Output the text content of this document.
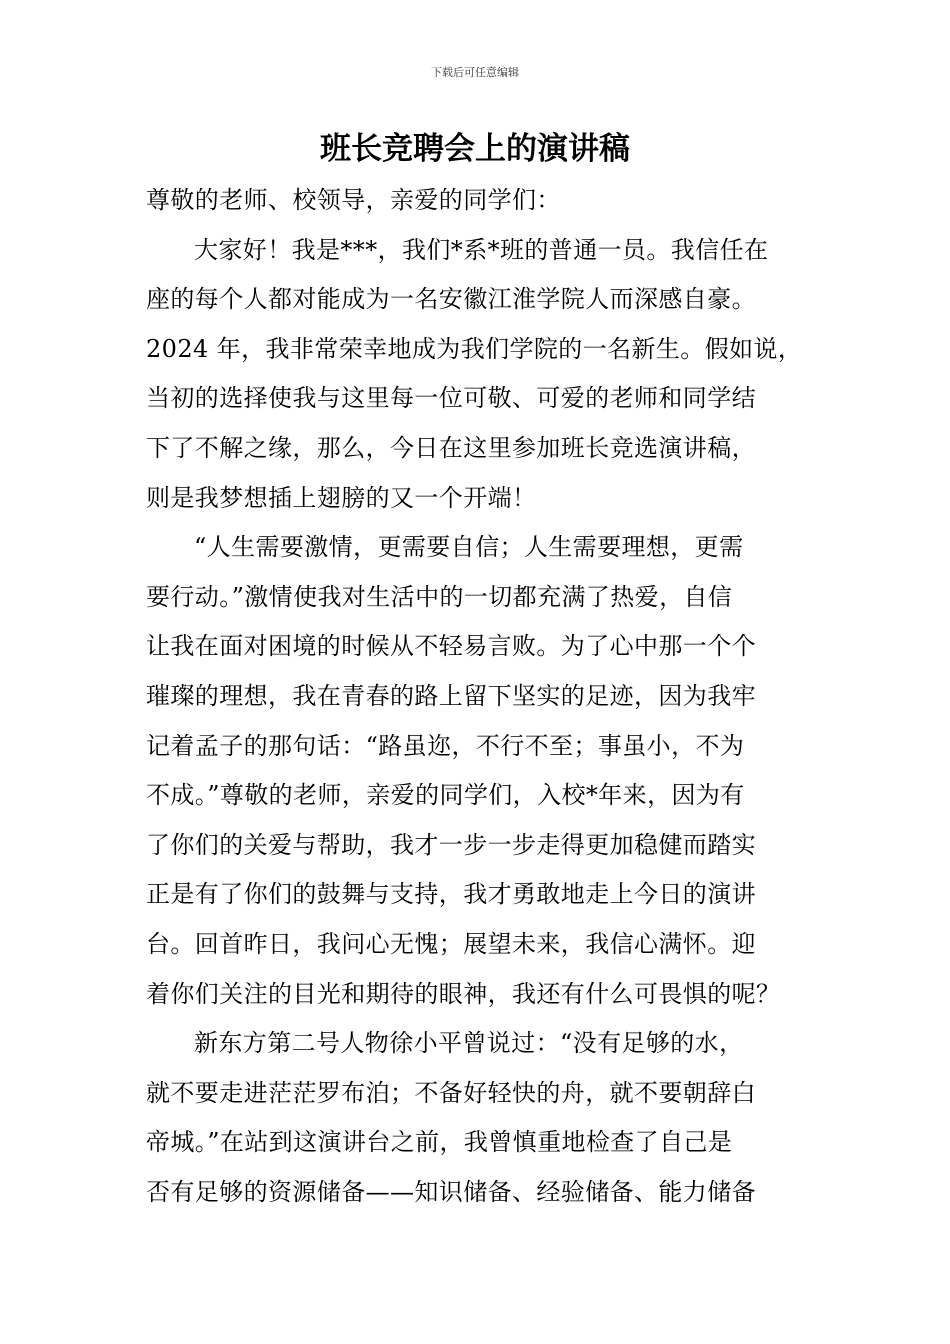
下载后可任意编辑
班长竞聘会上的演讲稿
尊敬的老师、校领导，亲爱的同学们：
大家好！我是***，我们*系*班的普通一员。我信任在
座的每个人都对能成为一名安徽江淮学院人而深感自豪。
2024 年，我非常荣幸地成为我们学院的一名新生。假如说，
当初的选择使我与这里每一位可敬、可爱的老师和同学结
下了不解之缘，那么，今日在这里参加班长竞选演讲稿，
则是我梦想插上翅膀的又一个开端！
“人生需要激情，更需要自信；人生需要理想，更需
要行动。”激情使我对生活中的一切都充满了热爱，自信
让我在面对困境的时候从不轻易言败。为了心中那一个个
璀璨的理想，我在青春的路上留下坚实的足迹，因为我牢
记着孟子的那句话：“路虽迩，不行不至；事虽小，不为
不成。”尊敬的老师，亲爱的同学们，入校*年来，因为有
了你们的关爱与帮助，我才一步一步走得更加稳健而踏实
正是有了你们的鼓舞与支持，我才勇敢地走上今日的演讲
台。回首昨日，我问心无愧；展望未来，我信心满怀。迎
着你们关注的目光和期待的眼神，我还有什么可畏惧的呢？
新东方第二号人物徐小平曾说过：“没有足够的水，
就不要走进茫茫罗布泊；不备好轻快的舟，就不要朝辞白
帝城。”在站到这演讲台之前，我曾慎重地检查了自己是
否有足够的资源储备——知识储备、经验储备、能力储备
